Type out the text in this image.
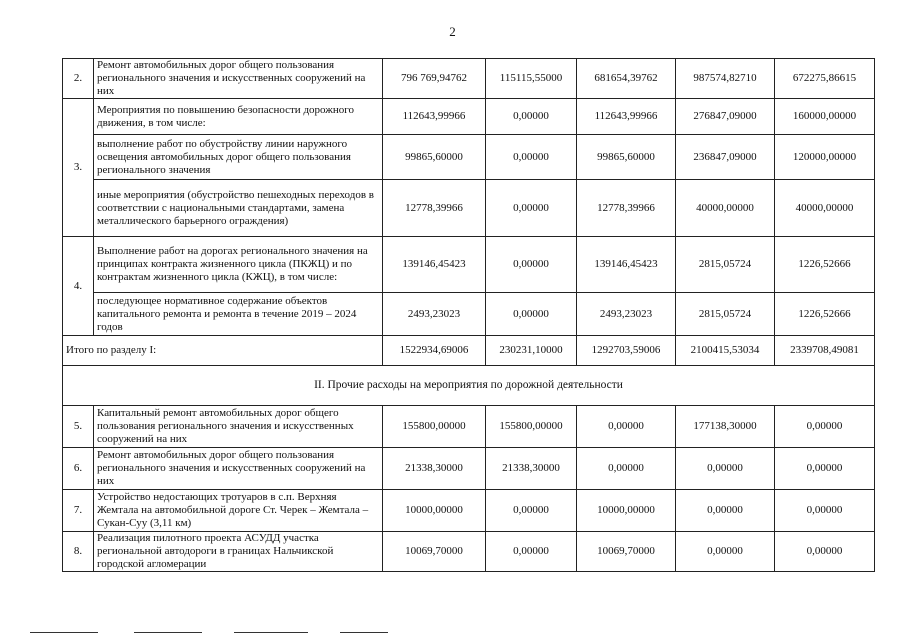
2
2.	Ремонт автомобильных дорог общего пользования регионального значения и искусственных сооружений на них	796 769,94762	115115,55000	681654,39762	987574,82710	672275,86615
3.	Мероприятия по повышению безопасности дорожного движения, в том числе:	112643,99966	0,00000	112643,99966	276847,09000	160000,00000
	выполнение работ по обустройству линии наружного освещения автомобильных дорог общего пользования регионального значения	99865,60000	0,00000	99865,60000	236847,09000	120000,00000
	иные мероприятия (обустройство пешеходных переходов в соответствии с национальными стандартами, замена металлического барьерного ограждения)	12778,39966	0,00000	12778,39966	40000,00000	40000,00000
4.	Выполнение работ на дорогах регионального значения на принципах контракта жизненного цикла (ПКЖЦ) и по контрактам жизненного цикла (КЖЦ), в том числе:	139146,45423	0,00000	139146,45423	2815,05724	1226,52666
	последующее нормативное содержание объектов капитального ремонта и ремонта в течение 2019 – 2024 годов	2493,23023	0,00000	2493,23023	2815,05724	1226,52666
Итого по разделу I:		1522934,69006	230231,10000	1292703,59006	2100415,53034	2339708,49081
II. Прочие расходы на мероприятия по дорожной деятельности						
5.	Капитальный ремонт автомобильных дорог общего пользования регионального значения и искусственных сооружений на них	155800,00000	155800,00000	0,00000	177138,30000	0,00000
6.	Ремонт автомобильных дорог общего пользования регионального значения и искусственных сооружений на них	21338,30000	21338,30000	0,00000	0,00000	0,00000
7.	Устройство недостающих тротуаров в с.п. Верхняя Жемтала на автомобильной дороге Ст. Черек – Жемтала – Сукан-Суу (3,11 км)	10000,00000	0,00000	10000,00000	0,00000	0,00000
8.	Реализация пилотного проекта АСУДД участка региональной автодороги в границах Нальчикской городской агломерации	10069,70000	0,00000	10069,70000	0,00000	0,00000
